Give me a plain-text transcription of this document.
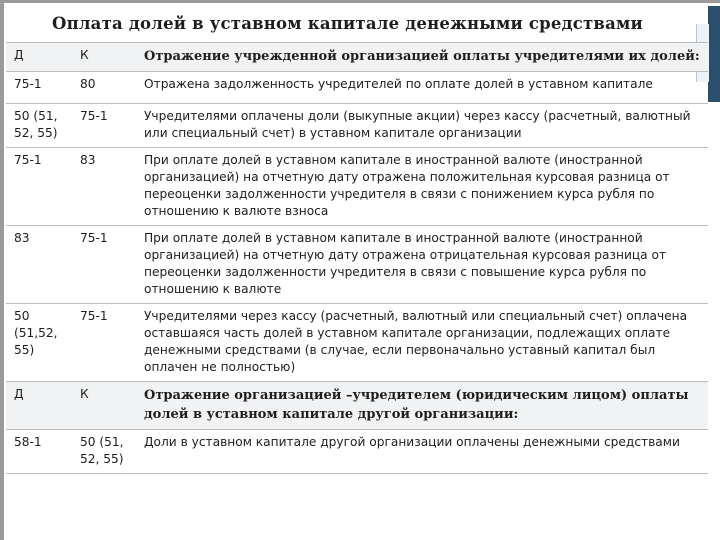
Оплата долей в уставном капитале денежными средствами
Д	К	Отражение учрежденной организацией оплаты учредителями их долей:
75-1	80	Отражена задолженность учредителей по оплате долей в уставном капитале
50 (51, 52, 55)	75-1	Учредителями оплачены доли (выкупные акции) через кассу (расчетный, валютный или специальный счет) в уставном капитале организации
75-1	83	При оплате долей в уставном капитале в иностранной валюте (иностранной организацией) на отчетную дату отражена положительная курсовая разница от переоценки задолженности учредителя в связи с понижением курса рубля по отношению к валюте взноса
83	75-1	При оплате долей в уставном капитале в иностранной валюте (иностранной организацией) на отчетную дату отражена отрицательная курсовая разница от переоценки задолженности учредителя в связи с повышение курса рубля по отношению к валюте
50 (51,52, 55)	75-1	Учредителями через кассу (расчетный, валютный или специальный счет) оплачена оставшаяся часть долей в уставном капитале организации, подлежащих оплате денежными средствами (в случае, если первоначально уставный капитал был оплачен не полностью)
Д	К	Отражение организацией –учредителем (юридическим лицом) оплаты долей в уставном капитале другой организации:
58-1	50 (51, 52, 55)	Доли в уставном капитале другой организации оплачены денежными средствами
